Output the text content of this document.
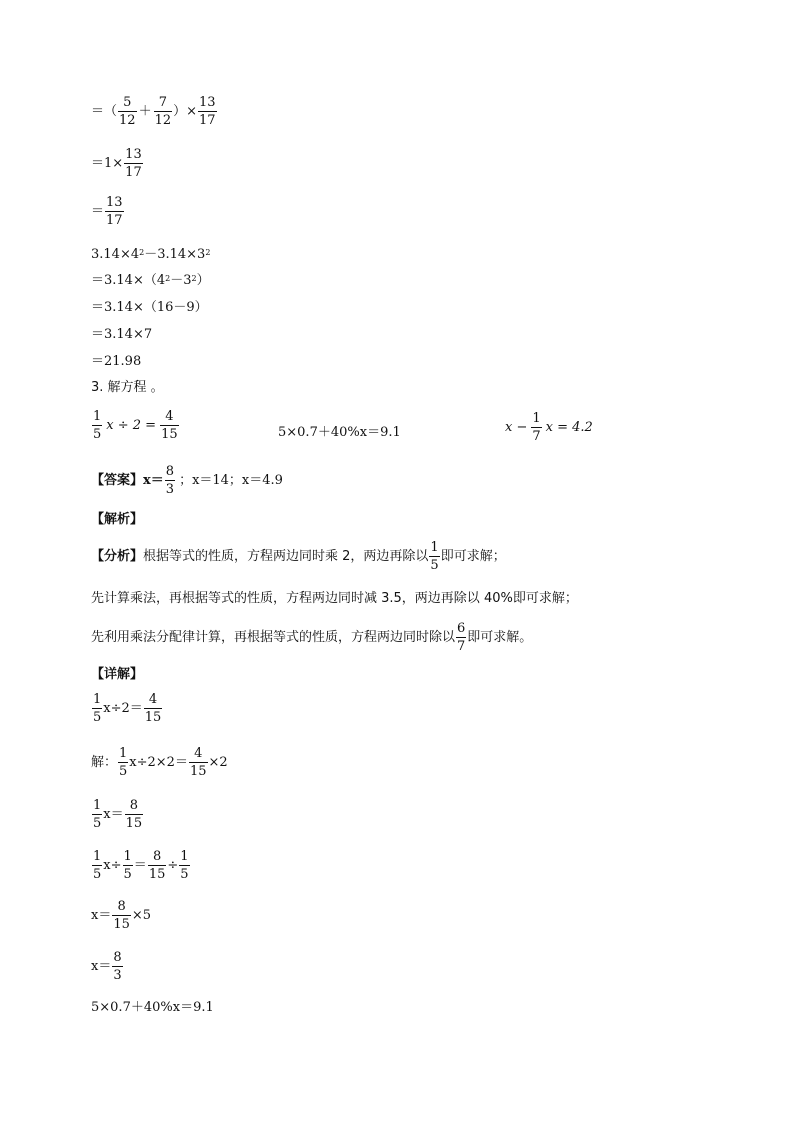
＝（ $\frac{5}{12} + \frac{7}{12}$ ）× $\frac{13}{17}$
$=1\times \frac{13}{17}$
＝ $\frac{13}{17}$
$3.14\times 4^2 -3.14\times 3^2$
$=3.14\times(4^2 -3^2$ ）
＝3.14×（16－9）
＝3.14×7
＝21.98
3. 解方程 。
$\frac{1}{5}$ $x \div 2 = \frac{4}{15}$	5×0.7＋40%x＝9.1	$x - \frac{1}{7}$ x = 4.2
【答案】 $x= \frac{8}{3}$ ；x＝14；x＝4.9
【解析】
【分析】 根据等式的性质，方程两边同时乘 2，两边再除以 $\frac{1}{5}$ 即可求解；
先计算乘法，再根据等式的性质，方程两边同时减 3.5，两边再除以 40%即可求解；
先利用乘法分配律计算，再根据等式的性质，方程两边同时除以 $\frac{6}{7}$ 即可求解。
【详解】
$\frac{1}{5} x\div 2= \frac{4}{15}$
解： $\frac{1}{5} x\div 2\times 2= \frac{4}{15} \times 2$
$\frac{1}{5} x= \frac{8}{15}$
$\frac{1}{5} x\div \frac{1}{5} = \frac{8}{15} \div \frac{1}{5}$
$x= \frac{8}{15} \times 5$
$x= \frac{8}{3}$
5×0.7＋40%x＝9.1
